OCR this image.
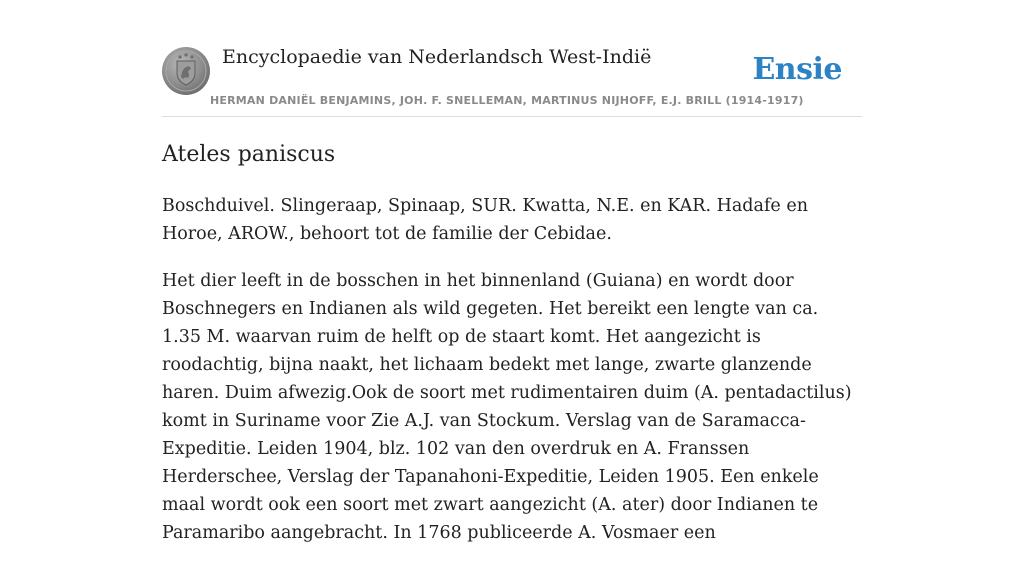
Encyclopaedie van Nederlandsch West-Indië	Ensie
HERMAN DANIËL BENJAMINS, JOH. F. SNELLEMAN, MARTINUS NIJHOFF, E.J. BRILL (1914-1917)
Ateles paniscus

Boschduivel. Slingeraap, Spinaap, SUR. Kwatta, N.E. en KAR. Hadafe en Horoe, AROW., behoort tot de familie der Cebidae.

Het dier leeft in de bosschen in het binnenland (Guiana) en wordt door Boschnegers en Indianen als wild gegeten. Het bereikt een lengte van ca. 1.35 M. waarvan ruim de helft op de staart komt. Het aangezicht is roodachtig, bijna naakt, het lichaam bedekt met lange, zwarte glanzende haren. Duim afwezig.Ook de soort met rudimentairen duim (A. pentadactilus) komt in Suriname voor Zie A.J. van Stockum. Verslag van de Saramacca-Expeditie. Leiden 1904, blz. 102 van den overdruk en A. Franssen Herderschee, Verslag der Tapanahoni-Expeditie, Leiden 1905. Een enkele maal wordt ook een soort met zwart aangezicht (A. ater) door Indianen te Paramaribo aangebracht. In 1768 publiceerde A. Vosmaer een
